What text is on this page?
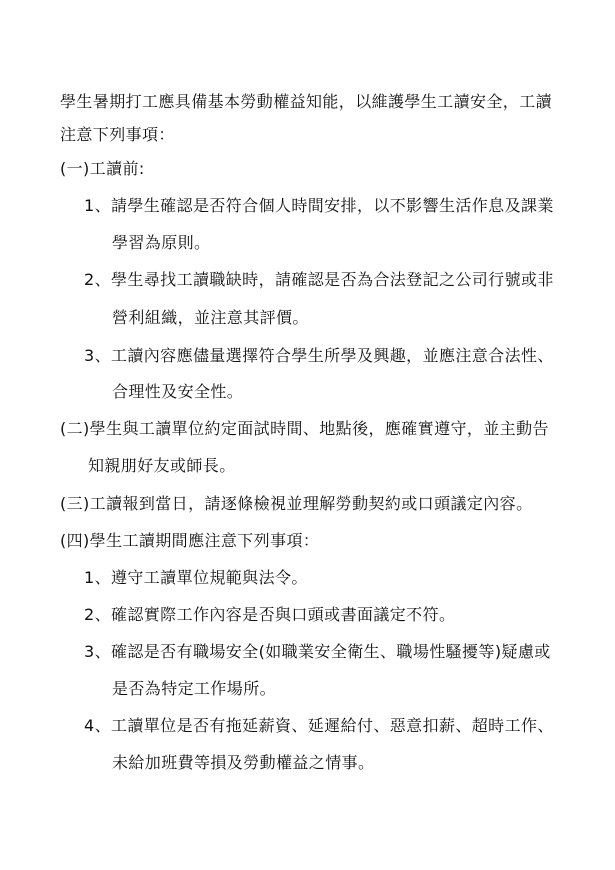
學生暑期打工應具備基本勞動權益知能，以維護學生工讀安全，工讀
注意下列事項：
(一)工讀前:
1、請學生確認是否符合個人時間安排，以不影響生活作息及課業
學習為原則。
2、學生尋找工讀職缺時，請確認是否為合法登記之公司行號或非
營利組織，並注意其評價。
3、工讀內容應儘量選擇符合學生所學及興趣，並應注意合法性、
合理性及安全性。
(二)學生與工讀單位約定面試時間、地點後，應確實遵守，並主動告
知親朋好友或師長。
(三)工讀報到當日，請逐條檢視並理解勞動契約或口頭議定內容。
(四)學生工讀期間應注意下列事項：
1、遵守工讀單位規範與法令。
2、確認實際工作內容是否與口頭或書面議定不符。
3、確認是否有職場安全(如職業安全衛生、職場性騷擾等)疑慮或
是否為特定工作場所。
4、工讀單位是否有拖延薪資、延遲給付、惡意扣薪、超時工作、
未給加班費等損及勞動權益之情事。
